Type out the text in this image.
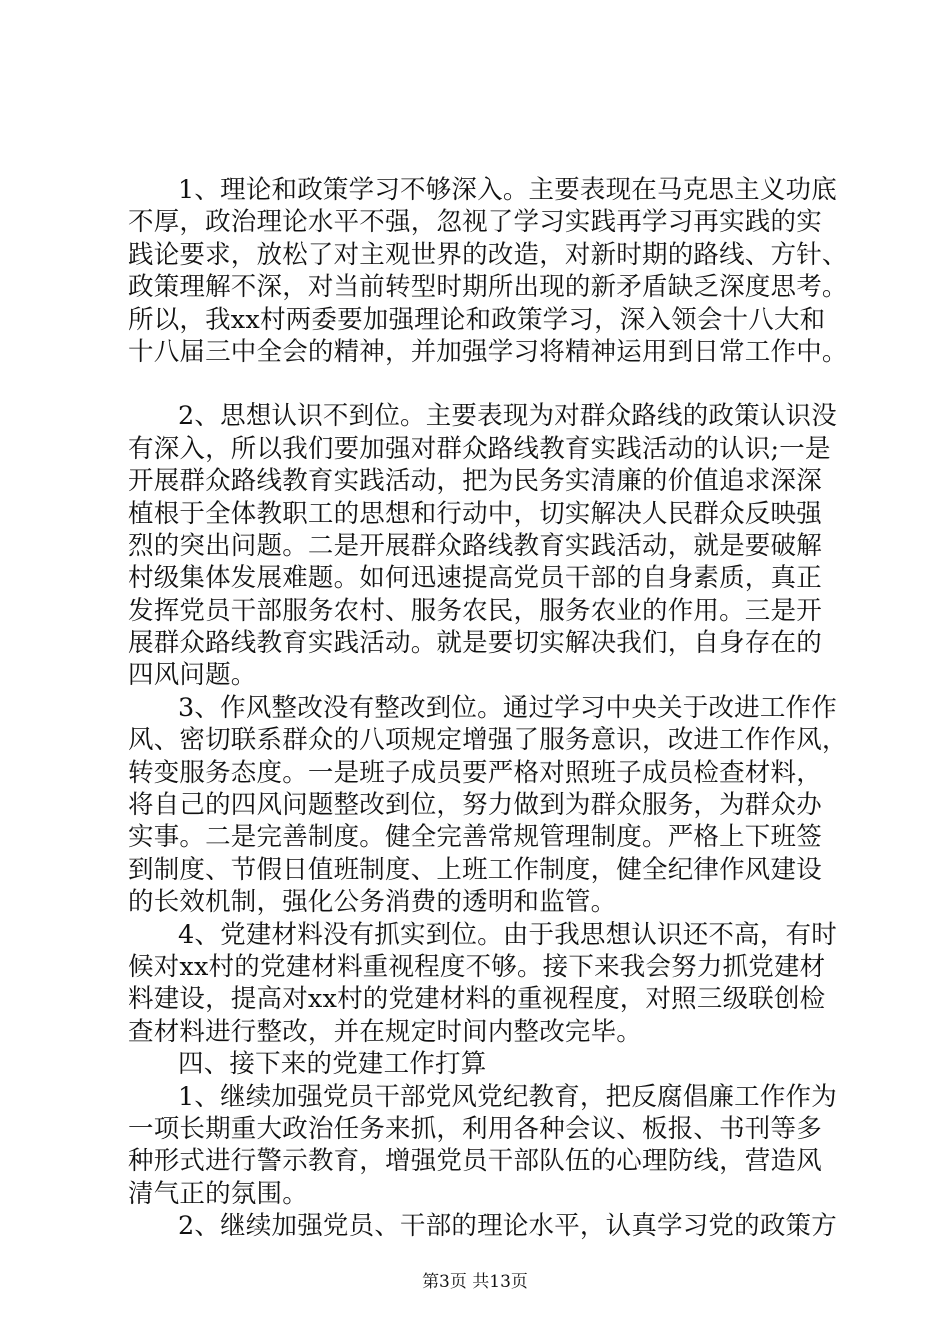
1、理论和政策学习不够深入。主要表现在马克思主义功底
不厚，政治理论水平不强，忽视了学习实践再学习再实践的实
践论要求，放松了对主观世界的改造，对新时期的路线、方针、
政策理解不深，对当前转型时期所出现的新矛盾缺乏深度思考。
所以，我xx村两委要加强理论和政策学习，深入领会十八大和
十八届三中全会的精神，并加强学习将精神运用到日常工作中。
2、思想认识不到位。主要表现为对群众路线的政策认识没
有深入，所以我们要加强对群众路线教育实践活动的认识;一是
开展群众路线教育实践活动，把为民务实清廉的价值追求深深
植根于全体教职工的思想和行动中，切实解决人民群众反映强
烈的突出问题。二是开展群众路线教育实践活动，就是要破解
村级集体发展难题。如何迅速提高党员干部的自身素质，真正
发挥党员干部服务农村、服务农民，服务农业的作用。三是开
展群众路线教育实践活动。就是要切实解决我们，自身存在的
四风问题。
3、作风整改没有整改到位。通过学习中央关于改进工作作
风、密切联系群众的八项规定增强了服务意识，改进工作作风，
转变服务态度。一是班子成员要严格对照班子成员检查材料，
将自己的四风问题整改到位，努力做到为群众服务，为群众办
实事。二是完善制度。健全完善常规管理制度。严格上下班签
到制度、节假日值班制度、上班工作制度，健全纪律作风建设
的长效机制，强化公务消费的透明和监管。
4、党建材料没有抓实到位。由于我思想认识还不高，有时
候对xx村的党建材料重视程度不够。接下来我会努力抓党建材
料建设，提高对xx村的党建材料的重视程度，对照三级联创检
查材料进行整改，并在规定时间内整改完毕。
四、接下来的党建工作打算
1、继续加强党员干部党风党纪教育，把反腐倡廉工作作为
一项长期重大政治任务来抓，利用各种会议、板报、书刊等多
种形式进行警示教育，增强党员干部队伍的心理防线，营造风
清气正的氛围。
2、继续加强党员、干部的理论水平，认真学习党的政策方
第3页 共13页
